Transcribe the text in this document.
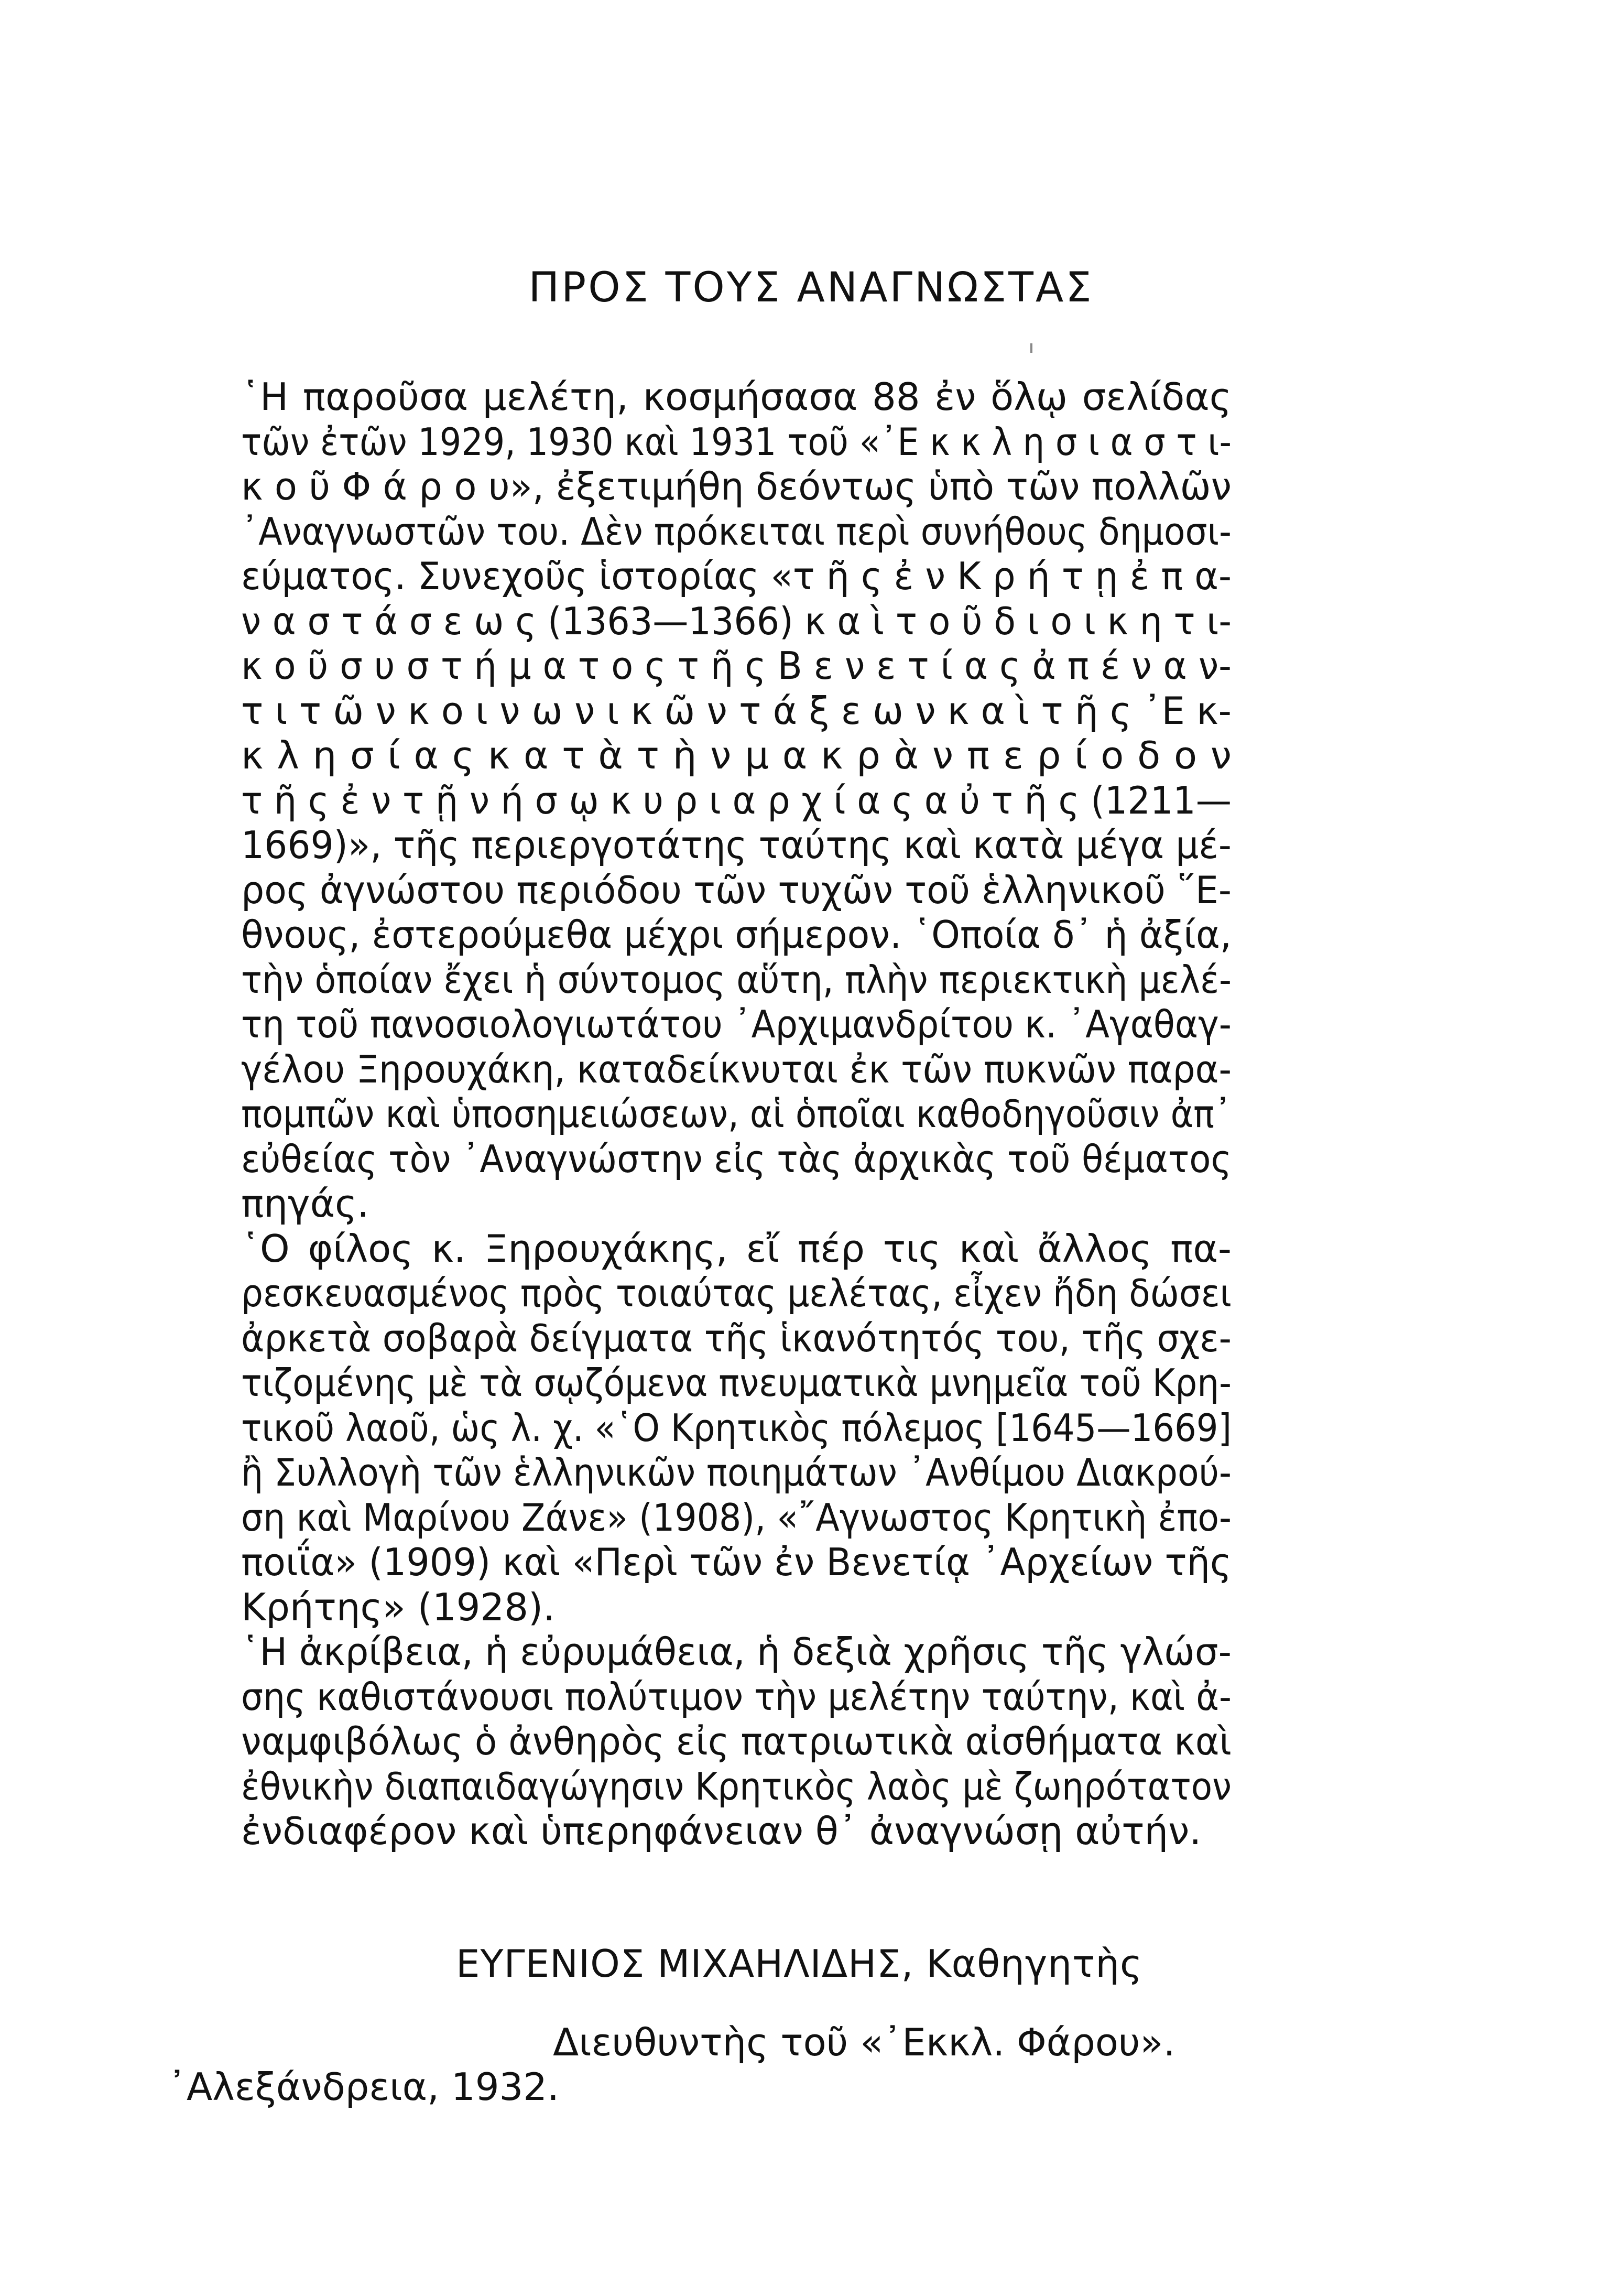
ΠΡΟΣ ΤΟΥΣ ΑΝΑΓΝΩΣΤΑΣ
῾Η παροῦσα μελέτη, κοσμήσασα 88 ἐν ὅλῳ σελίδας
τῶν ἐτῶν 1929, 1930 καὶ 1931 τοῦ «᾽Ε κ κ λ η σ ι α σ τ ι-
κ ο ῦ Φ ά ρ ο υ», ἐξετιμήθη δεόντως ὑπὸ τῶν πολλῶν
᾽Αναγνωστῶν του. Δὲν πρόκειται περὶ συνήθους δημοσι-
εύματος. Συνεχοῦς ἱστορίας «τ ῆ ς ἐ ν Κ ρ ή τ ῃ ἐ π α-
ν α σ τ ά σ ε ω ς (1363—1366) κ α ὶ τ ο ῦ δ ι ο ι κ η τ ι-
κ ο ῦ σ υ σ τ ή μ α τ ο ς τ ῆ ς Β ε ν ε τ ί α ς ἀ π έ ν α ν-
τ ι τ ῶ ν κ ο ι ν ω ν ι κ ῶ ν τ ά ξ ε ω ν κ α ὶ τ ῆ ς ᾽Ε κ-
κ λ η σ ί α ς κ α τ ὰ τ ὴ ν μ α κ ρ ὰ ν π ε ρ ί ο δ ο ν
τ ῆ ς ἐ ν τ ῇ ν ή σ ῳ κ υ ρ ι α ρ χ ί α ς α ὐ τ ῆ ς (1211—
1669)», τῆς περιεργοτάτης ταύτης καὶ κατὰ μέγα μέ-
ρος ἀγνώστου περιόδου τῶν τυχῶν τοῦ ἑλληνικοῦ ῞Ε-
θνους, ἐστερούμεθα μέχρι σήμερον. ῾Οποία δ᾽ ἡ ἀξία,
τὴν ὁποίαν ἔχει ἡ σύντομος αὕτη, πλὴν περιεκτικὴ μελέ-
τη τοῦ πανοσιολογιωτάτου ᾽Αρχιμανδρίτου κ. ᾽Αγαθαγ-
γέλου Ξηρουχάκη, καταδείκνυται ἐκ τῶν πυκνῶν παρα-
πομπῶν καὶ ὑποσημειώσεων, αἱ ὁποῖαι καθοδηγοῦσιν ἀπ᾽
εὐθείας τὸν ᾽Αναγνώστην εἰς τὰς ἀρχικὰς τοῦ θέματος
πηγάς.
῾Ο φίλος κ. Ξηρουχάκης, εἴ πέρ τις καὶ ἄλλος πα-
ρεσκευασμένος πρὸς τοιαύτας μελέτας, εἶχεν ἤδη δώσει
ἀρκετὰ σοβαρὰ δείγματα τῆς ἱκανότητός του, τῆς σχε-
τιζομένης μὲ τὰ σῳζόμενα πνευματικὰ μνημεῖα τοῦ Κρη-
τικοῦ λαοῦ, ὡς λ. χ. «῾Ο Κρητικὸς πόλεμος [1645—1669]
ἢ Συλλογὴ τῶν ἑλληνικῶν ποιημάτων ᾽Ανθίμου Διακρού-
ση καὶ Μαρίνου Ζάνε» (1908), «῎Αγνωστος Κρητικὴ ἐπο-
ποιΐα» (1909) καὶ «Περὶ τῶν ἐν Βενετίᾳ ᾽Αρχείων τῆς
Κρήτης» (1928).
῾Η ἀκρίβεια, ἡ εὐρυμάθεια, ἡ δεξιὰ χρῆσις τῆς γλώσ-
σης καθιστάνουσι πολύτιμον τὴν μελέτην ταύτην, καὶ ἀ-
ναμφιβόλως ὁ ἀνθηρὸς εἰς πατριωτικὰ αἰσθήματα καὶ
ἐθνικὴν διαπαιδαγώγησιν Κρητικὸς λαὸς μὲ ζωηρότατον
ἐνδιαφέρον καὶ ὑπερηφάνειαν θ᾽ ἀναγνώσῃ αὐτήν.
ΕΥΓΕΝΙΟΣ ΜΙΧΑΗΛΙΔΗΣ, Καθηγητὴς
Διευθυντὴς τοῦ «᾽Εκκλ. Φάρου».
᾽Αλεξάνδρεια, 1932.
